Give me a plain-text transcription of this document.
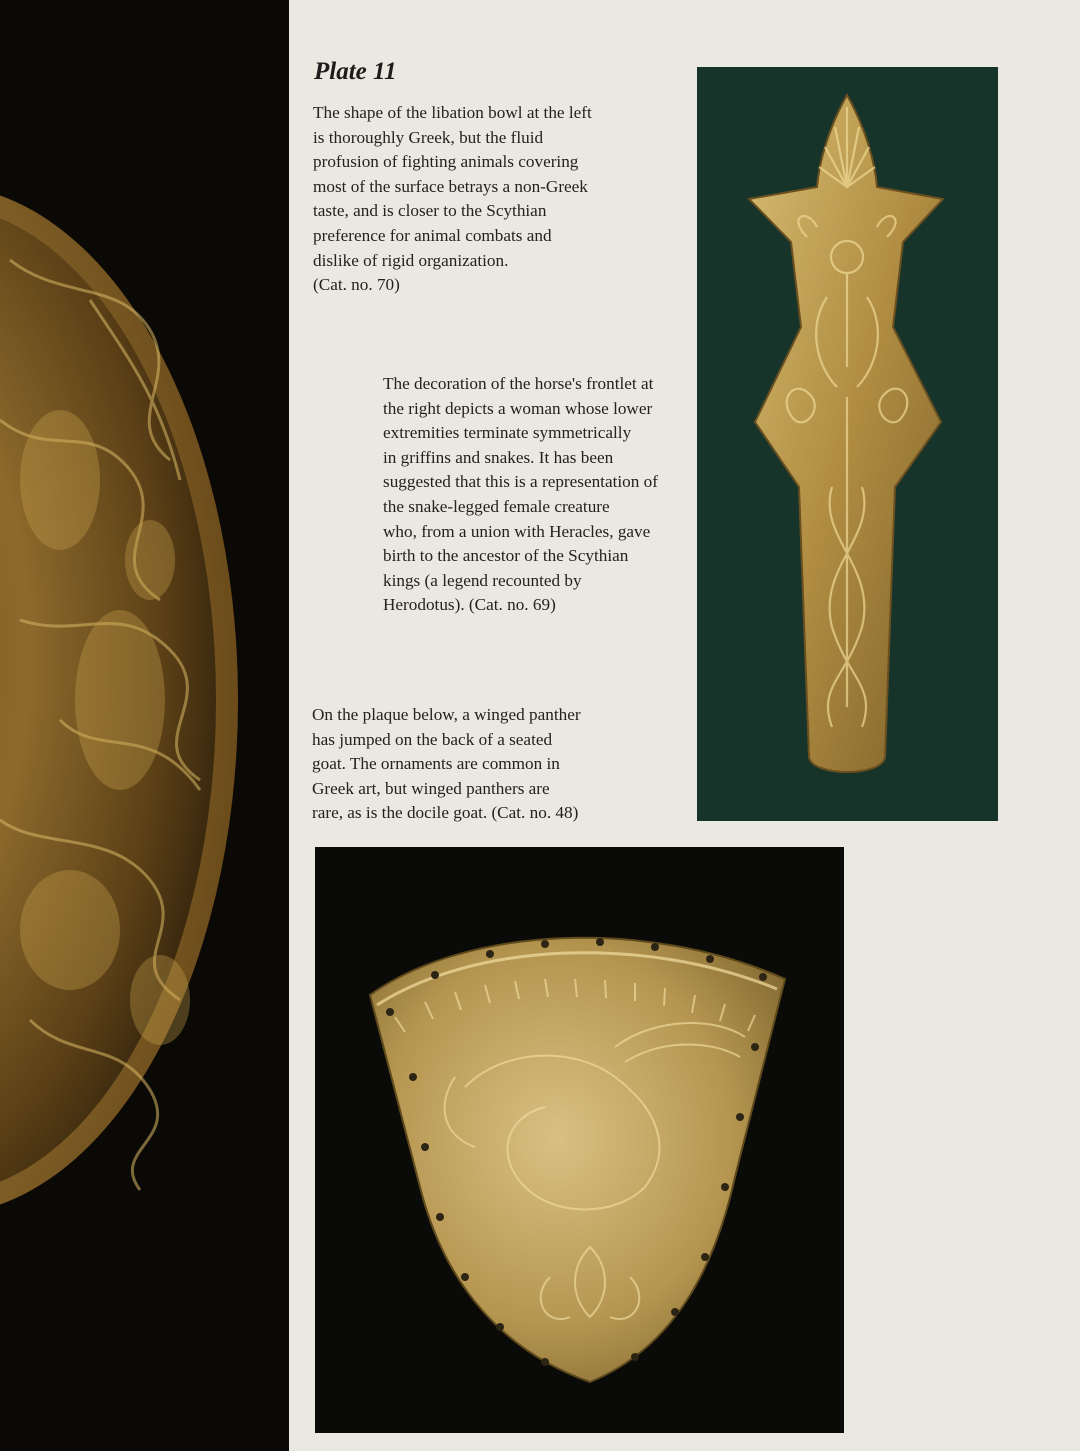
Plate 11

The shape of the libation bowl at the left
is thoroughly Greek, but the fluid
profusion of fighting animals covering
most of the surface betrays a non-Greek
taste, and is closer to the Scythian
preference for animal combats and
dislike of rigid organization.
(Cat. no. 70)

The decoration of the horse's frontlet at
the right depicts a woman whose lower
extremities terminate symmetrically
in griffins and snakes. It has been
suggested that this is a representation of
the snake-legged female creature
who, from a union with Heracles, gave
birth to the ancestor of the Scythian
kings (a legend recounted by
Herodotus). (Cat. no. 69)

On the plaque below, a winged panther
has jumped on the back of a seated
goat. The ornaments are common in
Greek art, but winged panthers are
rare, as is the docile goat. (Cat. no. 48)
